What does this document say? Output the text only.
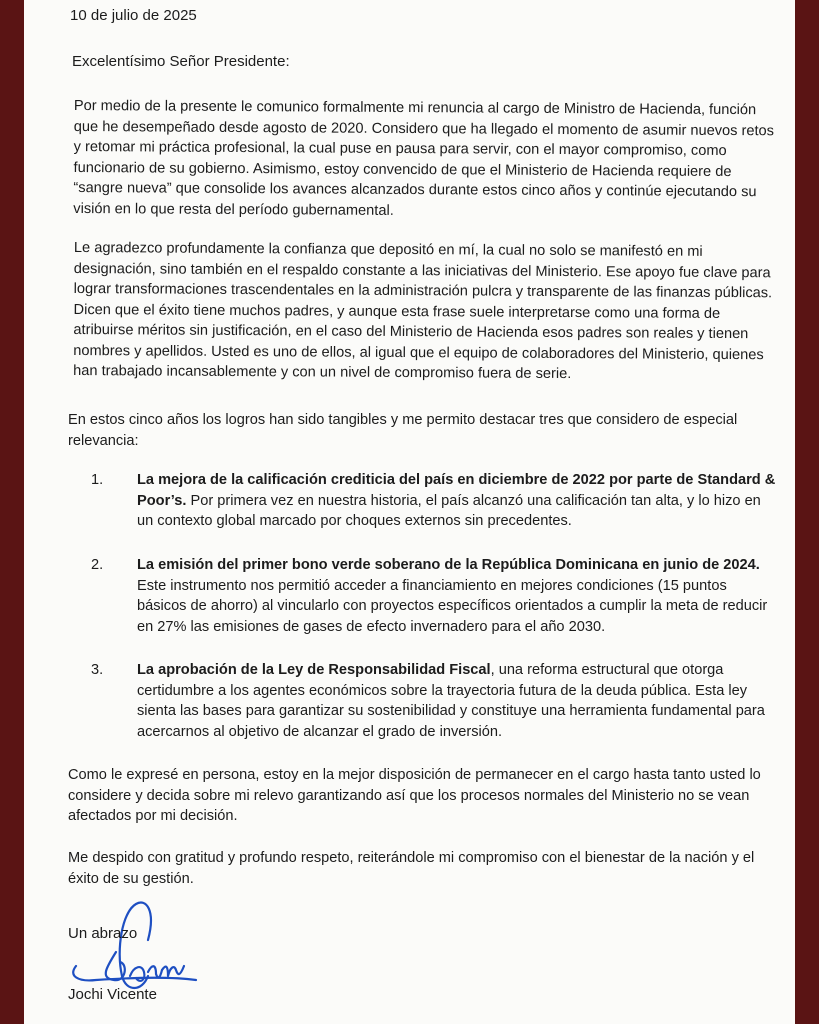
10 de julio de 2025
Excelentísimo Señor Presidente:

Por medio de la presente le comunico formalmente mi renuncia al cargo de Ministro de Hacienda, función que he desempeñado desde agosto de 2020. Considero que ha llegado el momento de asumir nuevos retos y retomar mi práctica profesional, la cual puse en pausa para servir, con el mayor compromiso, como funcionario de su gobierno. Asimismo, estoy convencido de que el Ministerio de Hacienda requiere de “sangre nueva” que consolide los avances alcanzados durante estos cinco años y continúe ejecutando su visión en lo que resta del período gubernamental.

Le agradezco profundamente la confianza que depositó en mí, la cual no solo se manifestó en mi designación, sino también en el respaldo constante a las iniciativas del Ministerio. Ese apoyo fue clave para lograr transformaciones trascendentales en la administración pulcra y transparente de las finanzas públicas. Dicen que el éxito tiene muchos padres, y aunque esta frase suele interpretarse como una forma de atribuirse méritos sin justificación, en el caso del Ministerio de Hacienda esos padres son reales y tienen nombres y apellidos. Usted es uno de ellos, al igual que el equipo de colaboradores del Ministerio, quienes han trabajado incansablemente y con un nivel de compromiso fuera de serie.

En estos cinco años los logros han sido tangibles y me permito destacar tres que considero de especial relevancia:

1.	La mejora de la calificación crediticia del país en diciembre de 2022 por parte de Standard & Poor’s. Por primera vez en nuestra historia, el país alcanzó una calificación tan alta, y lo hizo en un contexto global marcado por choques externos sin precedentes.
2.	La emisión del primer bono verde soberano de la República Dominicana en junio de 2024. Este instrumento nos permitió acceder a financiamiento en mejores condiciones (15 puntos básicos de ahorro) al vincularlo con proyectos específicos orientados a cumplir la meta de reducir en 27% las emisiones de gases de efecto invernadero para el año 2030.
3.	La aprobación de la Ley de Responsabilidad Fiscal, una reforma estructural que otorga certidumbre a los agentes económicos sobre la trayectoria futura de la deuda pública. Esta ley sienta las bases para garantizar su sostenibilidad y constituye una herramienta fundamental para acercarnos al objetivo de alcanzar el grado de inversión.

Como le expresé en persona, estoy en la mejor disposición de permanecer en el cargo hasta tanto usted lo considere y decida sobre mi relevo garantizando así que los procesos normales del Ministerio no se vean afectados por mi decisión.

Me despido con gratitud y profundo respeto, reiterándole mi compromiso con el bienestar de la nación y el éxito de su gestión.

Un abrazo
Jochi Vicente
